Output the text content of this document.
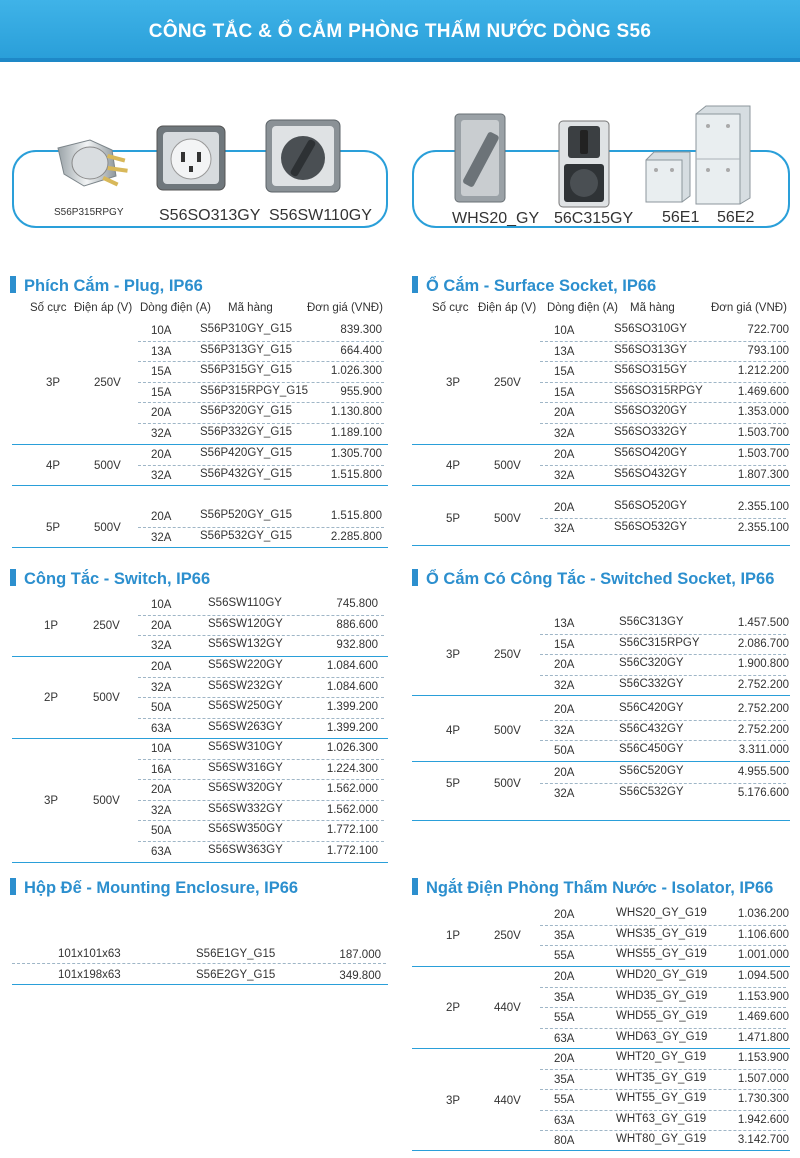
CÔNG TẮC & Ổ CẮM PHÒNG THẤM NƯỚC DÒNG S56
S56P315RPGY S56SO313GY S56SW110GY	WHS20_GY 56C315GY 56E1 56E2
Phích Cắm - Plug, IP66	Ổ Cắm - Surface Socket, IP66
Công Tắc - Switch, IP66	Ổ Cắm Có Công Tắc - Switched Socket, IP66
Hộp Đế - Mounting Enclosure, IP66	Ngắt Điện Phòng Thấm Nước - Isolator, IP66
Số cực Điện áp (V) Dòng điện (A) Mã hàng	Đơn giá (VNĐ)	Số cực Điện áp (V) Dòng điện (A) Mã hàng	Đơn giá (VNĐ)
3P	250V
10A S56P310GY_G15	839.300
13A S56P313GY_G15	664.400
15A S56P315GY_G15	1.026.300
15A S56P315RPGY_G15	955.900
20A S56P320GY_G15	1.130.800
32A S56P332GY_G15	1.189.100
4P	500V
20A S56P420GY_G15	1.305.700
32A S56P432GY_G15	1.515.800
5P	500V
20A S56P520GY_G15	1.515.800
32A S56P532GY_G15	2.285.800
3P	250V
10A	S56SO310GY	722.700
13A	S56SO313GY	793.100
15A	S56SO315GY	1.212.200
15A	S56SO315RPGY	1.469.600
20A	S56SO320GY	1.353.000
32A	S56SO332GY	1.503.700
4P	500V
20A	S56SO420GY	1.503.700
32A	S56SO432GY	1.807.300
5P	500V
20A	S56SO520GY	2.355.100
32A	S56SO532GY	2.355.100
1P	250V
10A	S56SW110GY	745.800
20A	S56SW120GY	886.600
32A	S56SW132GY	932.800
2P	500V
20A	S56SW220GY	1.084.600
32A	S56SW232GY	1.084.600
50A	S56SW250GY	1.399.200
63A	S56SW263GY	1.399.200
3P	500V
10A	S56SW310GY	1.026.300
16A	S56SW316GY	1.224.300
20A	S56SW320GY	1.562.000
32A	S56SW332GY	1.562.000
50A	S56SW350GY	1.772.100
63A	S56SW363GY	1.772.100
3P	250V
13A	S56C313GY	1.457.500
15A	S56C315RPGY	2.086.700
20A	S56C320GY	1.900.800
32A	S56C332GY	2.752.200
4P	500V
20A	S56C420GY	2.752.200
32A	S56C432GY	2.752.200
50A	S56C450GY	3.311.000
5P	500V
20A	S56C520GY	4.955.500
32A	S56C532GY	5.176.600
1P	250V
20A	WHS20_GY_G19	1.036.200
35A	WHS35_GY_G19	1.106.600
55A	WHS55_GY_G19	1.001.000
2P	440V
20A	WHD20_GY_G19	1.094.500
35A	WHD35_GY_G19	1.153.900
55A	WHD55_GY_G19	1.469.600
63A	WHD63_GY_G19	1.471.800
3P	440V
20A	WHT20_GY_G19	1.153.900
35A	WHT35_GY_G19	1.507.000
55A	WHT55_GY_G19	1.730.300
63A	WHT63_GY_G19	1.942.600
80A	WHT80_GY_G19	3.142.700
101x101x63	S56E1GY_G15	187.000
101x198x63	S56E2GY_G15	349.800
